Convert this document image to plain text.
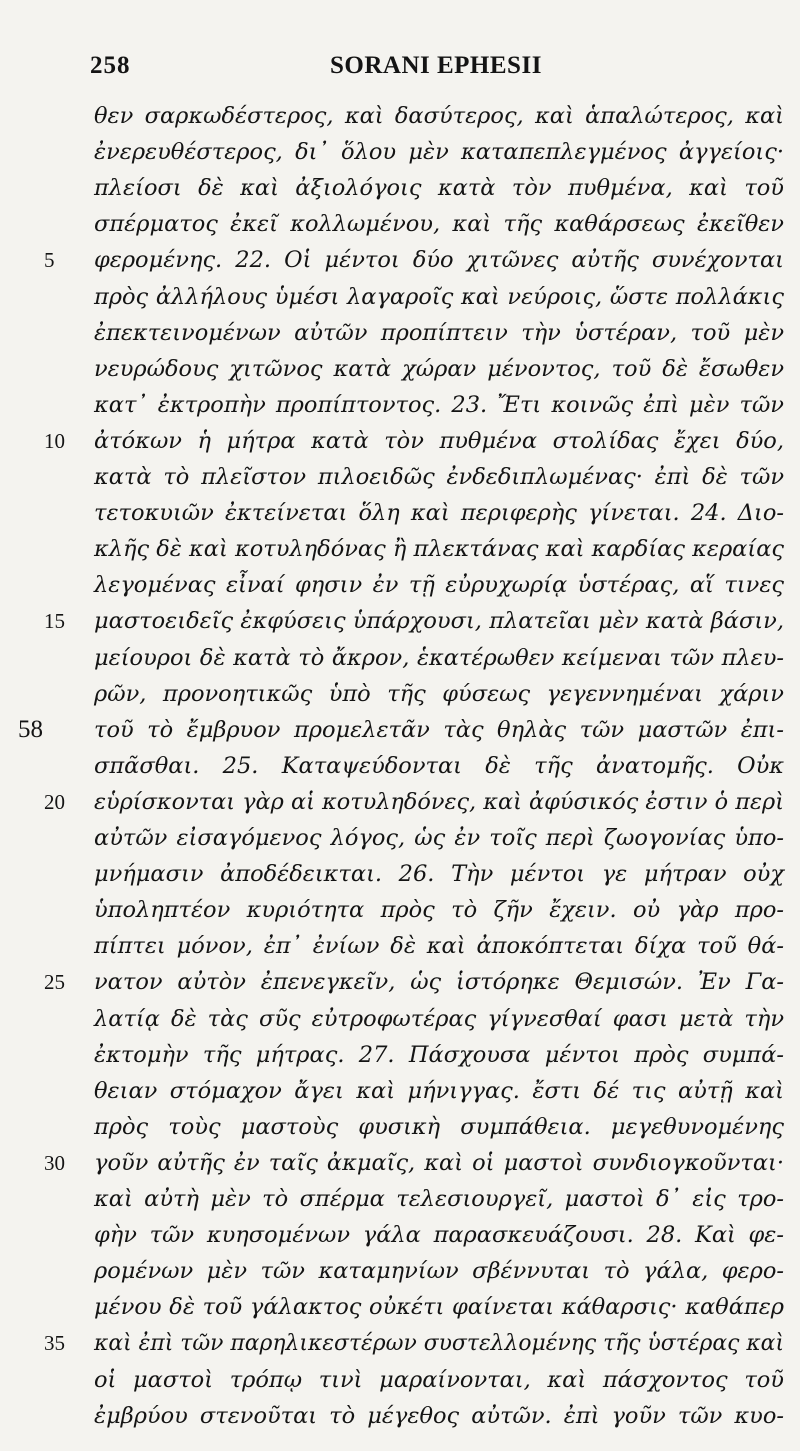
258	SORANI EPHESII
θεν σαρκωδέστερος, καὶ δασύτερος, καὶ ἁπαλώτερος, καὶ
ἐνερευθέστερος, δι᾽ ὅλου μὲν καταπεπλεγμένος ἀγγείοις·
πλείοσι δὲ καὶ ἀξιολόγοις κατὰ τὸν πυθμένα, καὶ τοῦ
σπέρματος ἐκεῖ κολλωμένου, καὶ τῆς καθάρσεως ἐκεῖθεν
5	φερομένης. 22. Οἱ μέντοι δύο χιτῶνες αὐτῆς συνέχονται
πρὸς ἀλλήλους ὑμέσι λαγαροῖς καὶ νεύροις, ὥστε πολλάκις
ἐπεκτεινομένων αὐτῶν προπίπτειν τὴν ὑστέραν, τοῦ μὲν
νευρώδους χιτῶνος κατὰ χώραν μένοντος, τοῦ δὲ ἔσωθεν
κατ᾽ ἐκτροπὴν προπίπτοντος. 23. Ἔτι κοινῶς ἐπὶ μὲν τῶν
10	ἀτόκων ἡ μήτρα κατὰ τὸν πυθμένα στολίδας ἔχει δύο,
κατὰ τὸ πλεῖστον πιλοειδῶς ἐνδεδιπλωμένας· ἐπὶ δὲ τῶν
τετοκυιῶν ἐκτείνεται ὅλη καὶ περιφερὴς γίνεται. 24. Διο-
κλῆς δὲ καὶ κοτυληδόνας ἢ πλεκτάνας καὶ καρδίας κεραίας
λεγομένας εἶναί φησιν ἐν τῇ εὐρυχωρίᾳ ὑστέρας, αἵ τινες
15	μαστοειδεῖς ἐκφύσεις ὑπάρχουσι, πλατεῖαι μὲν κατὰ βάσιν,
μείουροι δὲ κατὰ τὸ ἄκρον, ἑκατέρωθεν κείμεναι τῶν πλευ-
ρῶν, προνοητικῶς ὑπὸ τῆς φύσεως γεγεννημέναι χάριν
τοῦ τὸ ἔμβρυον προμελετᾶν τὰς θηλὰς τῶν μαστῶν ἐπι-
σπᾶσθαι. 25. Καταψεύδονται δὲ τῆς ἀνατομῆς. Οὐκ
20	εὑρίσκονται γὰρ αἱ κοτυληδόνες, καὶ ἀφύσικός ἐστιν ὁ περὶ
αὐτῶν εἰσαγόμενος λόγος, ὡς ἐν τοῖς περὶ ζωογονίας ὑπο-
μνήμασιν ἀποδέδεικται. 26. Τὴν μέντοι γε μήτραν οὐχ
ὑποληπτέον κυριότητα πρὸς τὸ ζῆν ἔχειν. οὐ γὰρ προ-
πίπτει μόνον, ἐπ᾽ ἐνίων δὲ καὶ ἀποκόπτεται δίχα τοῦ θά-
25	νατον αὐτὸν ἐπενεγκεῖν, ὡς ἱστόρηκε Θεμισών. Ἐν Γα-
λατίᾳ δὲ τὰς σῦς εὐτροφωτέρας γίγνεσθαί φασι μετὰ τὴν
ἐκτομὴν τῆς μήτρας. 27. Πάσχουσα μέντοι πρὸς συμπά-
θειαν στόμαχον ἄγει καὶ μήνιγγας. ἔστι δέ τις αὐτῇ καὶ
πρὸς τοὺς μαστοὺς φυσικὴ συμπάθεια. μεγεθυνομένης
30	γοῦν αὐτῆς ἐν ταῖς ἀκμαῖς, καὶ οἱ μαστοὶ συνδιογκοῦνται·
καὶ αὐτὴ μὲν τὸ σπέρμα τελεσιουργεῖ, μαστοὶ δ᾽ εἰς τρο-
φὴν τῶν κυησομένων γάλα παρασκευάζουσι. 28. Καὶ φε-
ρομένων μὲν τῶν καταμηνίων σβέννυται τὸ γάλα, φερο-
μένου δὲ τοῦ γάλακτος οὐκέτι φαίνεται κάθαρσις· καθάπερ
35	καὶ ἐπὶ τῶν παρηλικεστέρων συστελλομένης τῆς ὑστέρας καὶ
οἱ μαστοὶ τρόπῳ τινὶ μαραίνονται, καὶ πάσχοντος τοῦ
ἐμβρύου στενοῦται τὸ μέγεθος αὐτῶν. ἐπὶ γοῦν τῶν κυο-
58
